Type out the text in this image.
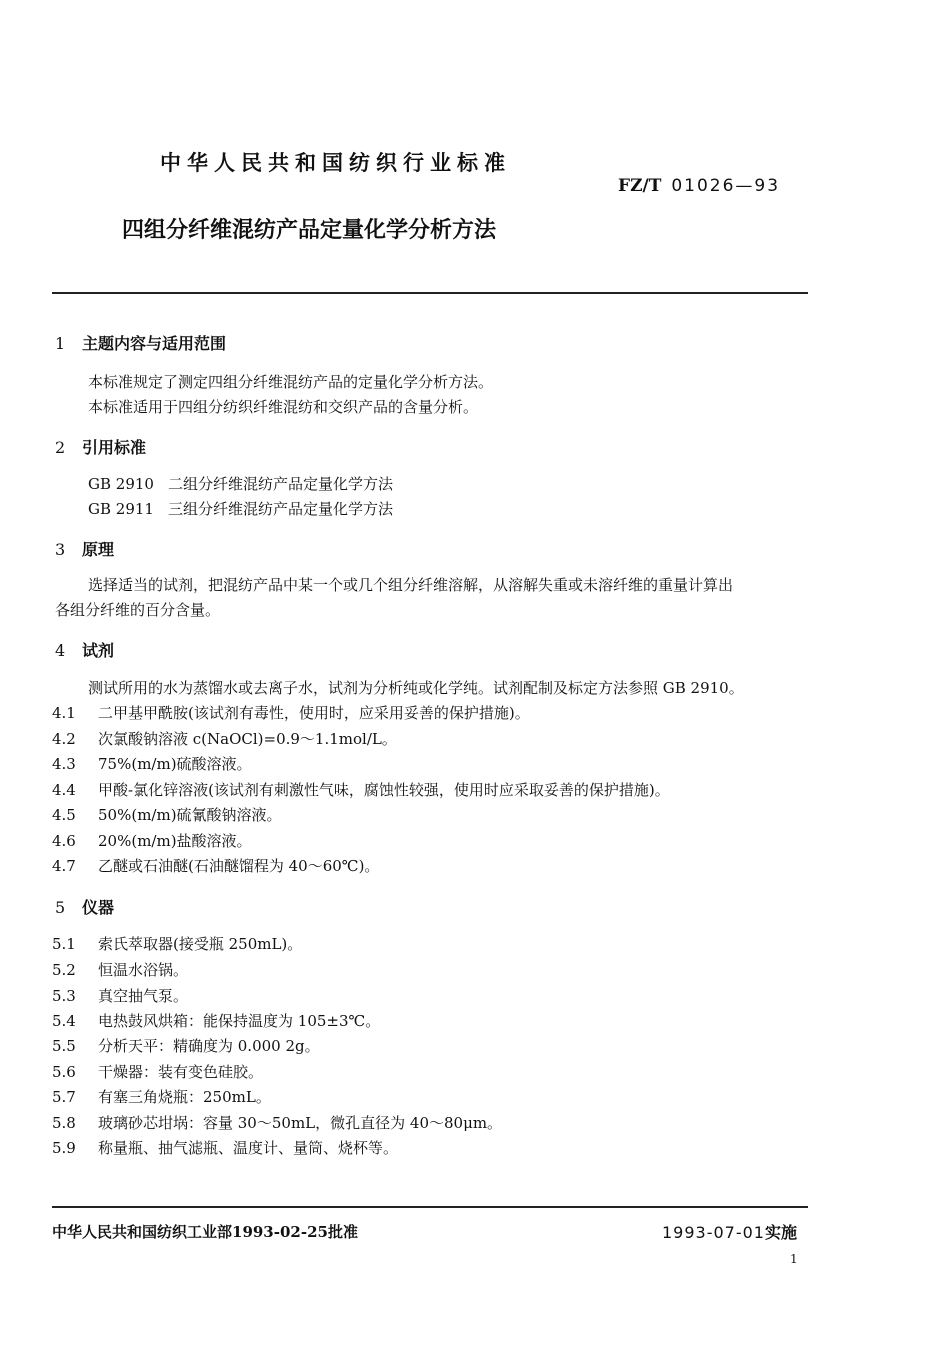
中华人民共和国纺织行业标准
FZ/T 01026—93
四组分纤维混纺产品定量化学分析方法
1 主题内容与适用范围
本标准规定了测定四组分纤维混纺产品的定量化学分析方法。
本标准适用于四组分纺织纤维混纺和交织产品的含量分析。
2 引用标准
GB 2910 二组分纤维混纺产品定量化学方法
GB 2911 三组分纤维混纺产品定量化学方法
3 原理
选择适当的试剂，把混纺产品中某一个或几个组分纤维溶解，从溶解失重或未溶纤维的重量计算出
各组分纤维的百分含量。
4 试剂
测试所用的水为蒸馏水或去离子水，试剂为分析纯或化学纯。试剂配制及标定方法参照 GB 2910。
4.1 二甲基甲酰胺(该试剂有毒性，使用时，应采用妥善的保护措施)。
4.2 次氯酸钠溶液 c(NaOCl)=0.9～1.1mol/L。
4.3 75%(m/m)硫酸溶液。
4.4 甲酸-氯化锌溶液(该试剂有刺激性气味，腐蚀性较强，使用时应采取妥善的保护措施)。
4.5 50%(m/m)硫氰酸钠溶液。
4.6 20%(m/m)盐酸溶液。
4.7 乙醚或石油醚(石油醚馏程为 40～60℃)。
5 仪器
5.1 索氏萃取器(接受瓶 250mL)。
5.2 恒温水浴锅。
5.3 真空抽气泵。
5.4 电热鼓风烘箱：能保持温度为 105±3℃。
5.5 分析天平：精确度为 0.000 2g。
5.6 干燥器：装有变色硅胶。
5.7 有塞三角烧瓶：250mL。
5.8 玻璃砂芯坩埚：容量 30～50mL，微孔直径为 40～80μm。
5.9 称量瓶、抽气滤瓶、温度计、量筒、烧杯等。
中华人民共和国纺织工业部1993-02-25批准	1993-07-01实施
1
